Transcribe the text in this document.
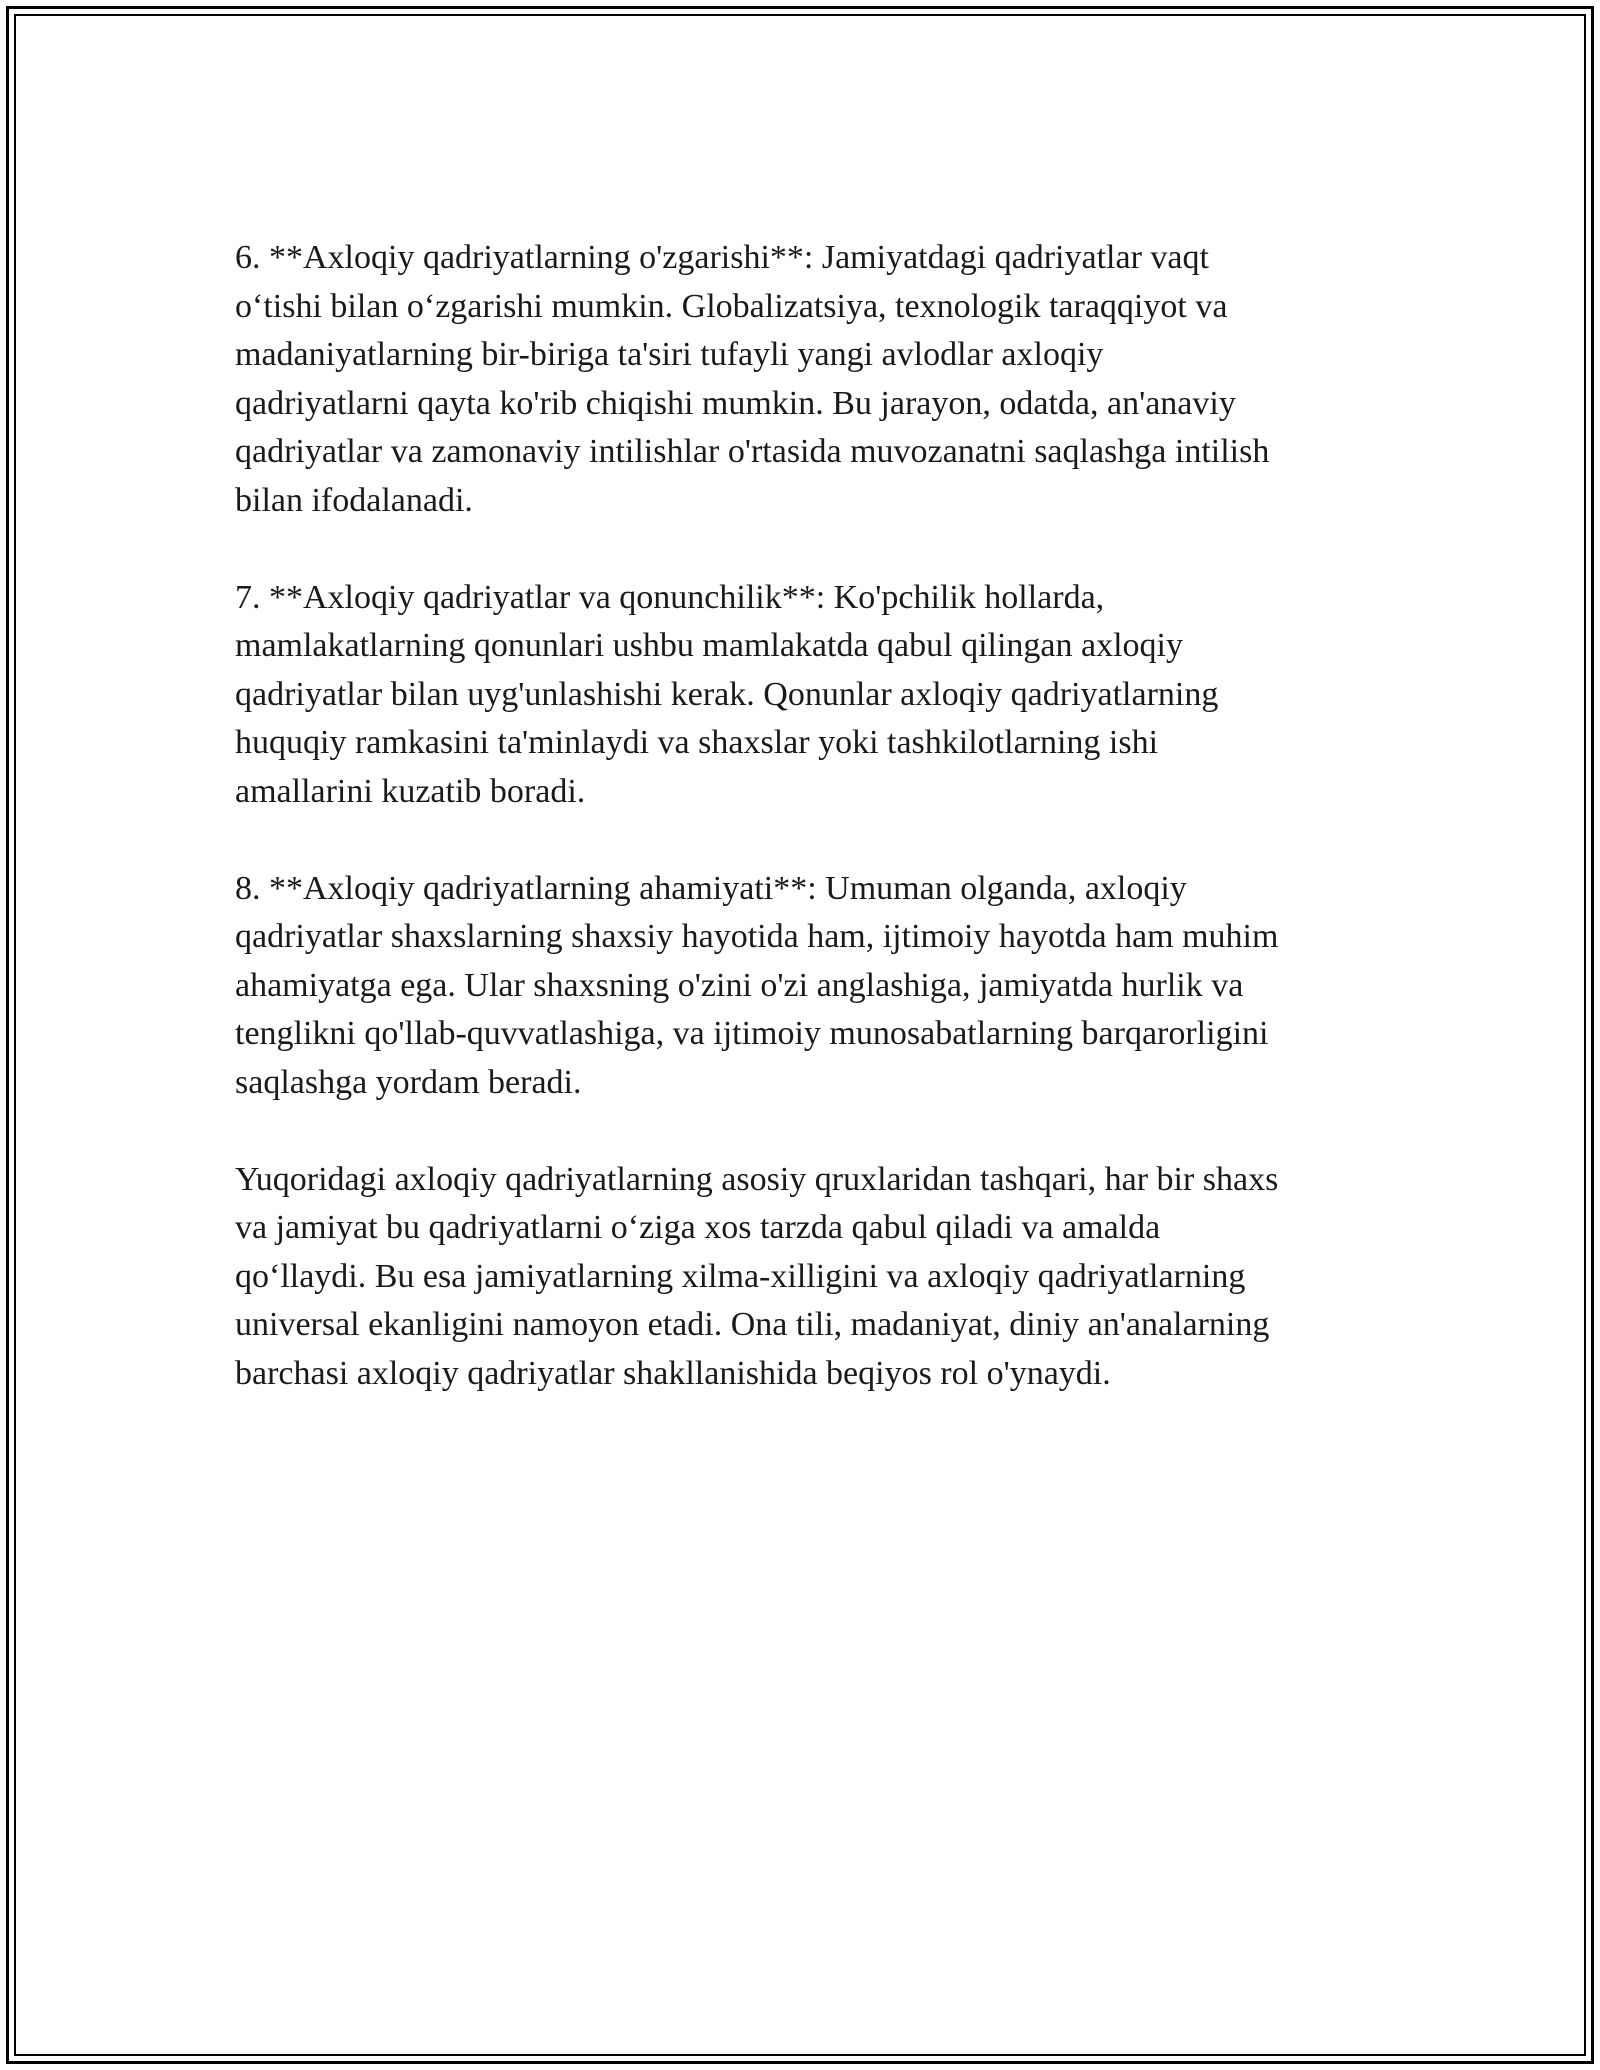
6. **Axloqiy qadriyatlarning o'zgarishi**: Jamiyatdagi qadriyatlar vaqt
o‘tishi bilan o‘zgarishi mumkin. Globalizatsiya, texnologik taraqqiyot va
madaniyatlarning bir-biriga ta'siri tufayli yangi avlodlar axloqiy
qadriyatlarni qayta ko'rib chiqishi mumkin. Bu jarayon, odatda, an'anaviy
qadriyatlar va zamonaviy intilishlar o'rtasida muvozanatni saqlashga intilish
bilan ifodalanadi.
7. **Axloqiy qadriyatlar va qonunchilik**: Ko'pchilik hollarda,
mamlakatlarning qonunlari ushbu mamlakatda qabul qilingan axloqiy
qadriyatlar bilan uyg'unlashishi kerak. Qonunlar axloqiy qadriyatlarning
huquqiy ramkasini ta'minlaydi va shaxslar yoki tashkilotlarning ishi
amallarini kuzatib boradi.
8. **Axloqiy qadriyatlarning ahamiyati**: Umuman olganda, axloqiy
qadriyatlar shaxslarning shaxsiy hayotida ham, ijtimoiy hayotda ham muhim
ahamiyatga ega. Ular shaxsning o'zini o'zi anglashiga, jamiyatda hurlik va
tenglikni qo'llab-quvvatlashiga, va ijtimoiy munosabatlarning barqarorligini
saqlashga yordam beradi.
Yuqoridagi axloqiy qadriyatlarning asosiy qruxlaridan tashqari, har bir shaxs
va jamiyat bu qadriyatlarni o‘ziga xos tarzda qabul qiladi va amalda
qo‘llaydi. Bu esa jamiyatlarning xilma-xilligini va axloqiy qadriyatlarning
universal ekanligini namoyon etadi. Ona tili, madaniyat, diniy an'analarning
barchasi axloqiy qadriyatlar shakllanishida beqiyos rol o'ynaydi.
